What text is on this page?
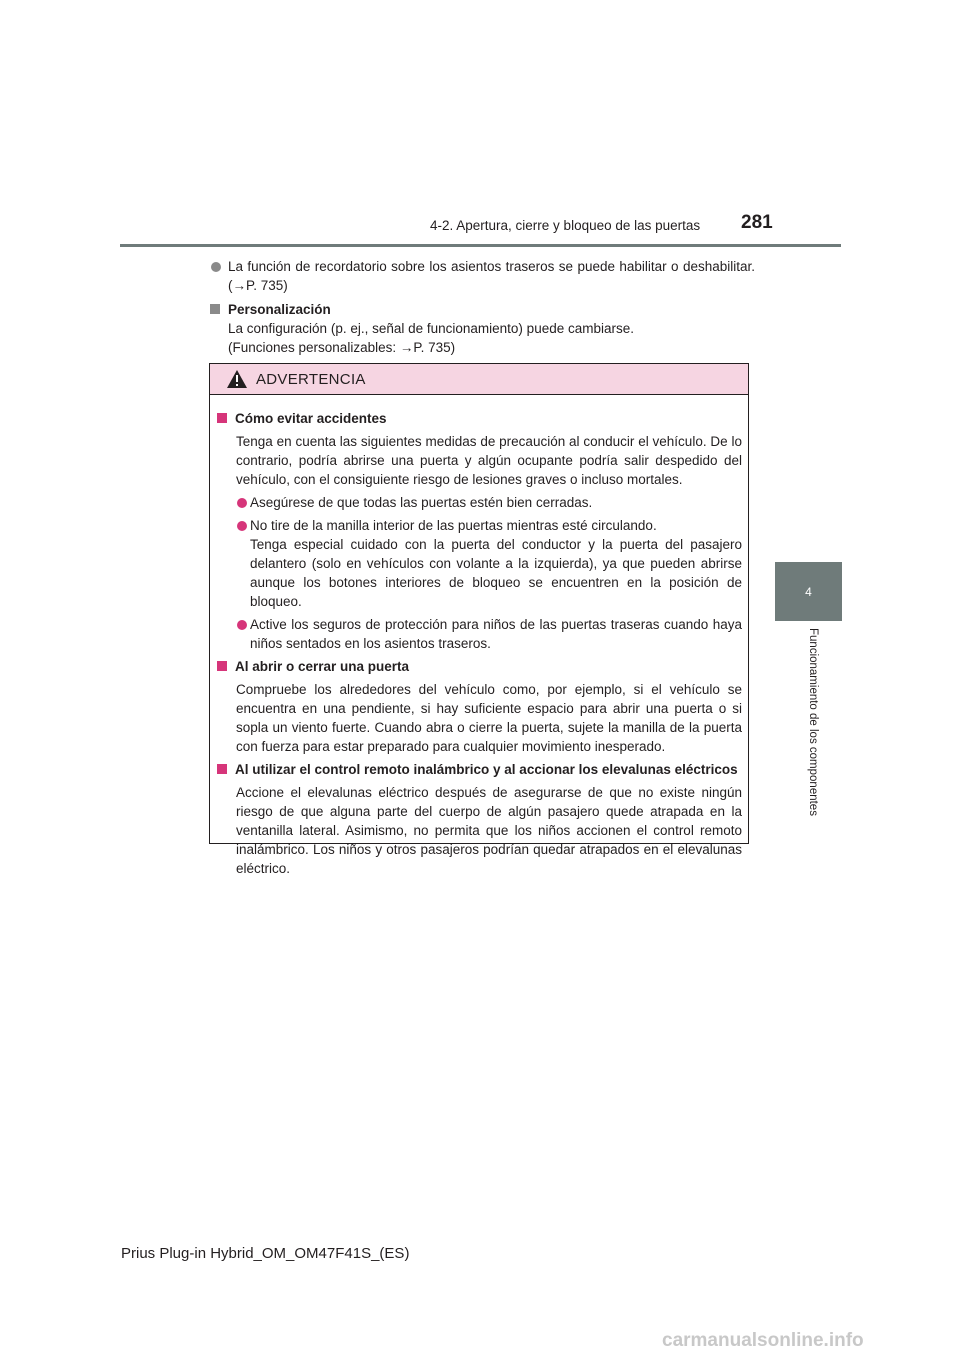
4-2. Apertura, cierre y bloqueo de las puertas 281
4
Funcionamiento de los componentes
La función de recordatorio sobre los asientos traseros se puede habilitar o deshabilitar. (→P. 735)
Personalización
La configuración (p. ej., señal de funcionamiento) puede cambiarse.
(Funciones personalizables: →P. 735)
ADVERTENCIA
Cómo evitar accidentes
Tenga en cuenta las siguientes medidas de precaución al conducir el vehículo. De lo contrario, podría abrirse una puerta y algún ocupante podría salir despedido del vehículo, con el consiguiente riesgo de lesiones graves o incluso mortales.
Asegúrese de que todas las puertas estén bien cerradas.
No tire de la manilla interior de las puertas mientras esté circulando.
Tenga especial cuidado con la puerta del conductor y la puerta del pasajero delantero (solo en vehículos con volante a la izquierda), ya que pueden abrirse aunque los botones interiores de bloqueo se encuentren en la posición de bloqueo.
Active los seguros de protección para niños de las puertas traseras cuando haya niños sentados en los asientos traseros.
Al abrir o cerrar una puerta
Compruebe los alrededores del vehículo como, por ejemplo, si el vehículo se encuentra en una pendiente, si hay suficiente espacio para abrir una puerta o si sopla un viento fuerte. Cuando abra o cierre la puerta, sujete la manilla de la puerta con fuerza para estar preparado para cualquier movimiento inesperado.
Al utilizar el control remoto inalámbrico y al accionar los elevalunas eléctricos
Accione el elevalunas eléctrico después de asegurarse de que no existe ningún riesgo de que alguna parte del cuerpo de algún pasajero quede atrapada en la ventanilla lateral. Asimismo, no permita que los niños accionen el control remoto inalámbrico. Los niños y otros pasajeros podrían quedar atrapados en el elevalunas eléctrico.
Prius Plug-in Hybrid_OM_OM47F41S_(ES)
carmanualsonline.info
